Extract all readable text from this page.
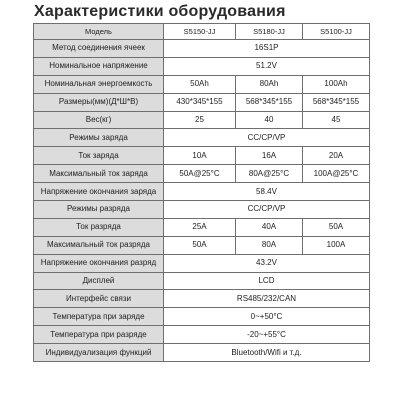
Характеристики оборудования
Модель	S5150-JJ	S5180-JJ	S5100-JJ
Метод соединения ячеек	16S1P		
Номинальное напряжение	51.2V		
Номинальная энергоемкость	50Ah	80Ah	100Ah
Размеры(мм)(Д*Ш*В)	430*345*155	568*345*155	568*345*155
Вес(кг)	25	40	45
Режимы заряда	CC/CP/VP		
Ток заряда	10A	16A	20A
Максимальный ток заряда	50A@25°C	80A@25°C	100A@25°C
Напряжение окончания заряда	58.4V		
Режимы разряда	CC/CP/VP		
Ток разряда	25A	40A	50A
Максимальный ток разряда	50A	80A	100A
Напряжение окончания разряд	43.2V		
Дисплей	LCD		
Интерфейс связи	RS485/232/CAN		
Температура при заряде	0~+50°C		
Температура при разряде	-20~+55°C		
Индивидуализация функций	Bluetooth/Wifi и т.д.		
